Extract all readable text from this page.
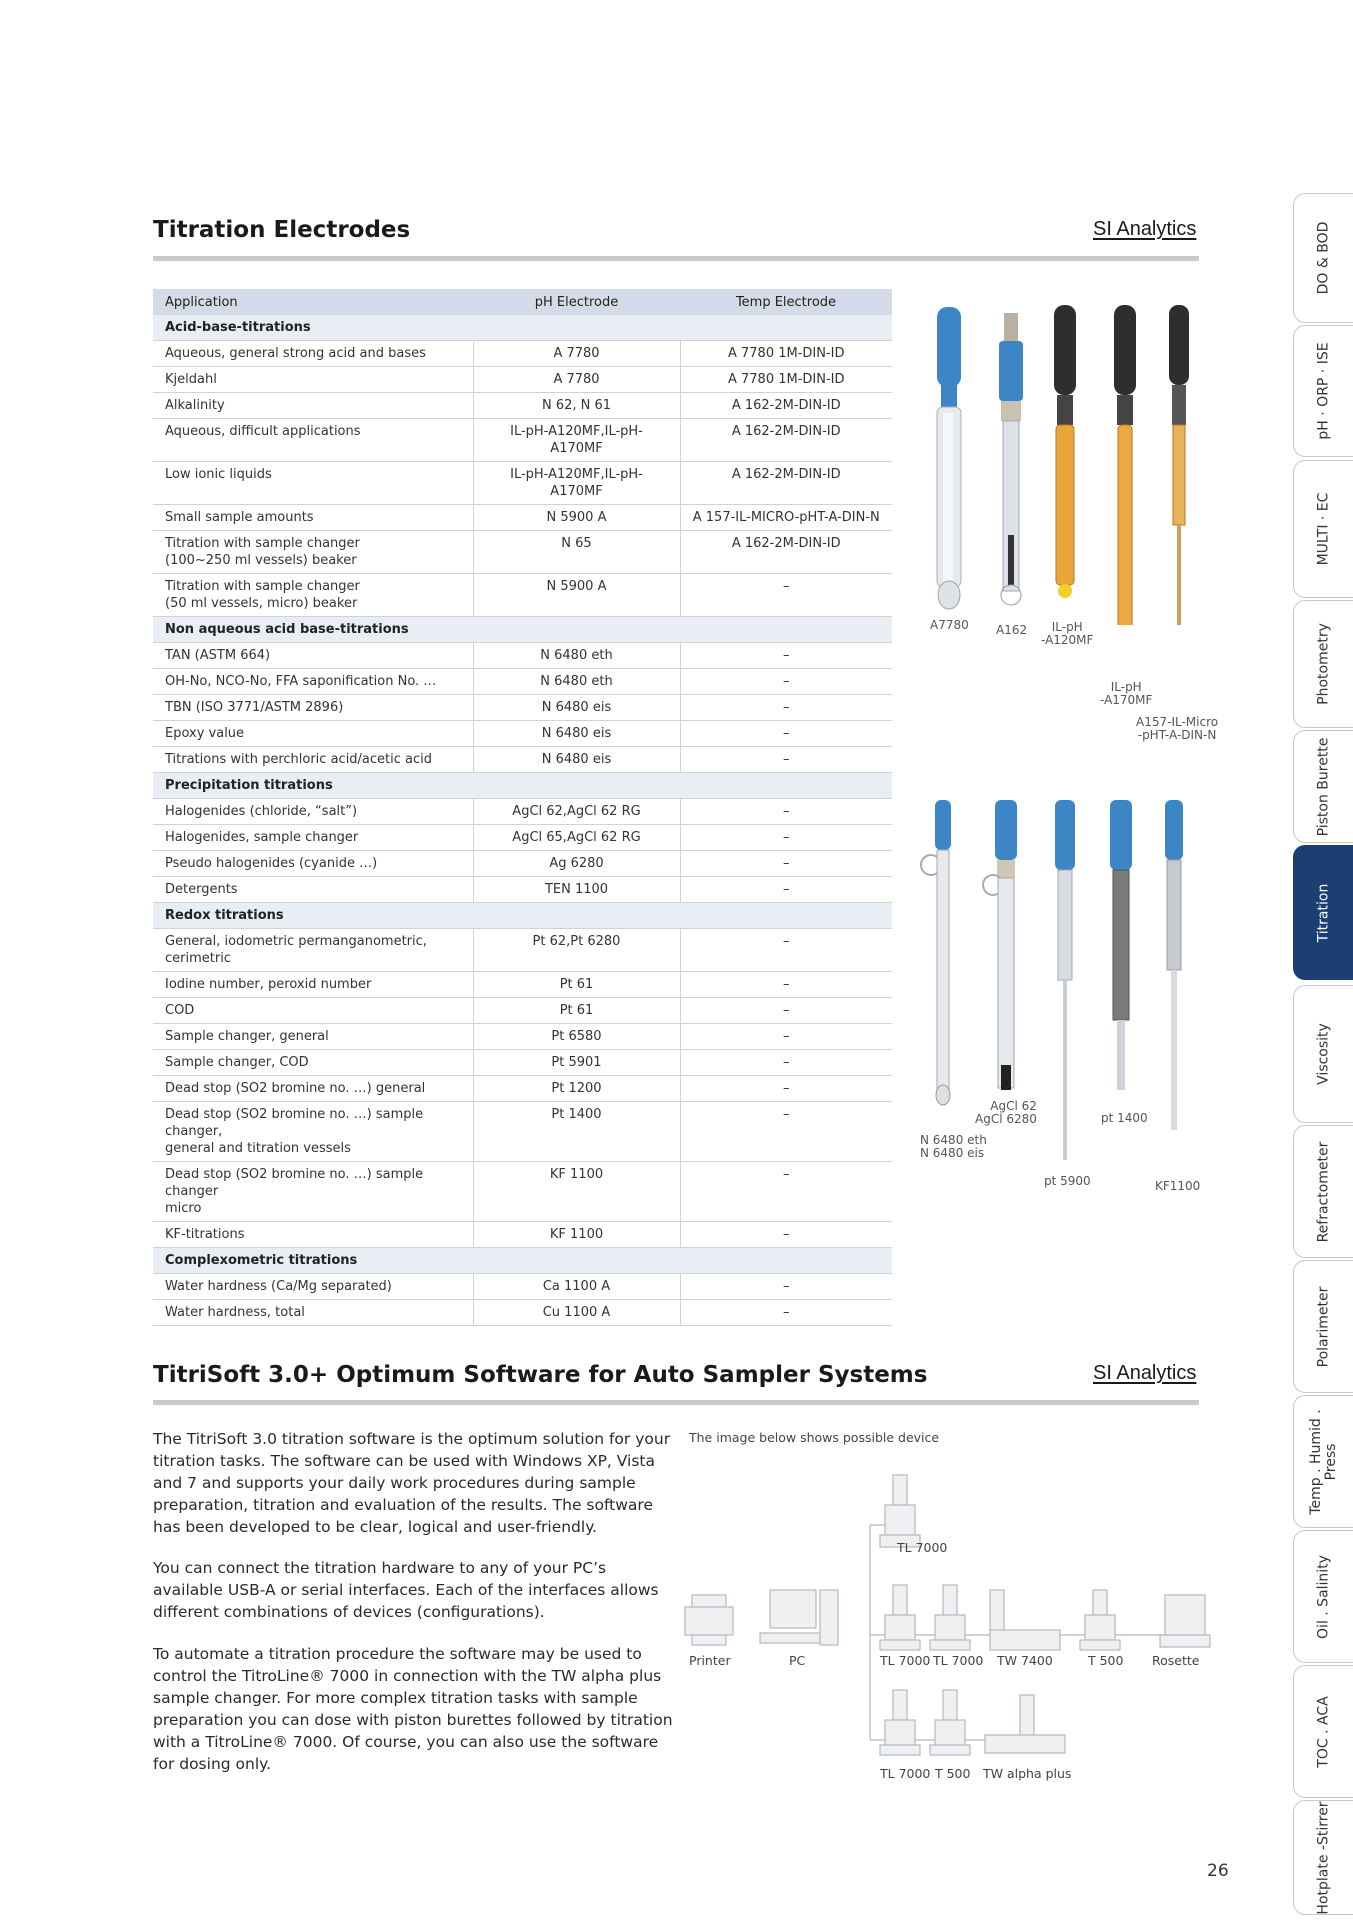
Titration Electrodes	SI Analytics
Application	pH Electrode	Temp Electrode
Acid-base-titrations		
Aqueous, general strong acid and bases	A 7780	A 7780 1M-DIN-ID
Kjeldahl	A 7780	A 7780 1M-DIN-ID
Alkalinity	N 62, N 61	A 162-2M-DIN-ID
Aqueous, difficult applications	IL-pH-A120MF,IL-pH-A170MF	A 162-2M-DIN-ID
Low ionic liquids	IL-pH-A120MF,IL-pH-A170MF	A 162-2M-DIN-ID
Small sample amounts	N 5900 A	A 157-IL-MICRO-pHT-A-DIN-N
Titration with sample changer
(100~250 ml vessels) beaker	N 65	A 162-2M-DIN-ID
Titration with sample changer
(50 ml vessels, micro) beaker	N 5900 A	–
Non aqueous acid base-titrations		
TAN (ASTM 664)	N 6480 eth	–
OH-No, NCO-No, FFA saponification No. …	N 6480 eth	–
TBN (ISO 3771/ASTM 2896)	N 6480 eis	–
Epoxy value	N 6480 eis	–
Titrations with perchloric acid/acetic acid	N 6480 eis	–
Precipitation titrations		
Halogenides (chloride, “salt”)	AgCl 62,AgCl 62 RG	–
Halogenides, sample changer	AgCl 65,AgCl 62 RG	–
Pseudo halogenides (cyanide …)	Ag 6280	–
Detergents	TEN 1100	–
Redox titrations		
General, iodometric permanganometric,
cerimetric	Pt 62,Pt 6280	–
Iodine number, peroxid number	Pt 61	–
COD	Pt 61	–
Sample changer, general	Pt 6580	–
Sample changer, COD	Pt 5901	–
Dead stop (SO2 bromine no. …) general	Pt 1200	–
Dead stop (SO2 bromine no. …) sample changer,
general and titration vessels	Pt 1400	–
Dead stop (SO2 bromine no. …) sample changer
micro	KF 1100	–
KF-titrations	KF 1100	–
Complexometric titrations		
Water hardness (Ca/Mg separated)	Ca 1100 A	–
Water hardness, total	Cu 1100 A	–
A7780 A162	IL-pH
-A120MF
IL-pH
-A170MF
A157-IL-Micro
-pHT-A-DIN-N
N 6480 eth
N 6480 eis
AgCl 62
AgCl 6280
pt 5900
pt 1400
KF1100
TitriSoft 3.0+ Optimum Software for Auto Sampler Systems	SI Analytics
The TitriSoft 3.0 titration software is the optimum solution for your titration tasks. The software can be used with Windows XP, Vista and 7 and supports your daily work procedures during sample preparation, titration and evaluation of the results. The software has been developed to be clear, logical and user-friendly.
You can connect the titration hardware to any of your PC’s available USB-A or serial interfaces. Each of the interfaces allows different combinations of devices (configurations).
To automate a titration procedure the software may be used to control the TitroLine® 7000 in connection with the TW alpha plus sample changer. For more complex titration tasks with sample preparation you can dose with piston burettes followed by titration with a TitroLine® 7000. Of course, you can also use the software for dosing only.
The image below shows possible device
TL 7000
Printer	PC	TL 7000 TL 7000 TW 7400	T 500 Rosette
TL 7000 T 500 TW alpha plus
DO & BOD
pH · ORP · ISE
MULTI · EC
Photometry
Piston Burette
Titration
Viscosity
Refractometer
Polarimeter
Temp . Humid .
Press
Oil . Salinity
TOC . ACA
Hotplate -Stirrer
26
